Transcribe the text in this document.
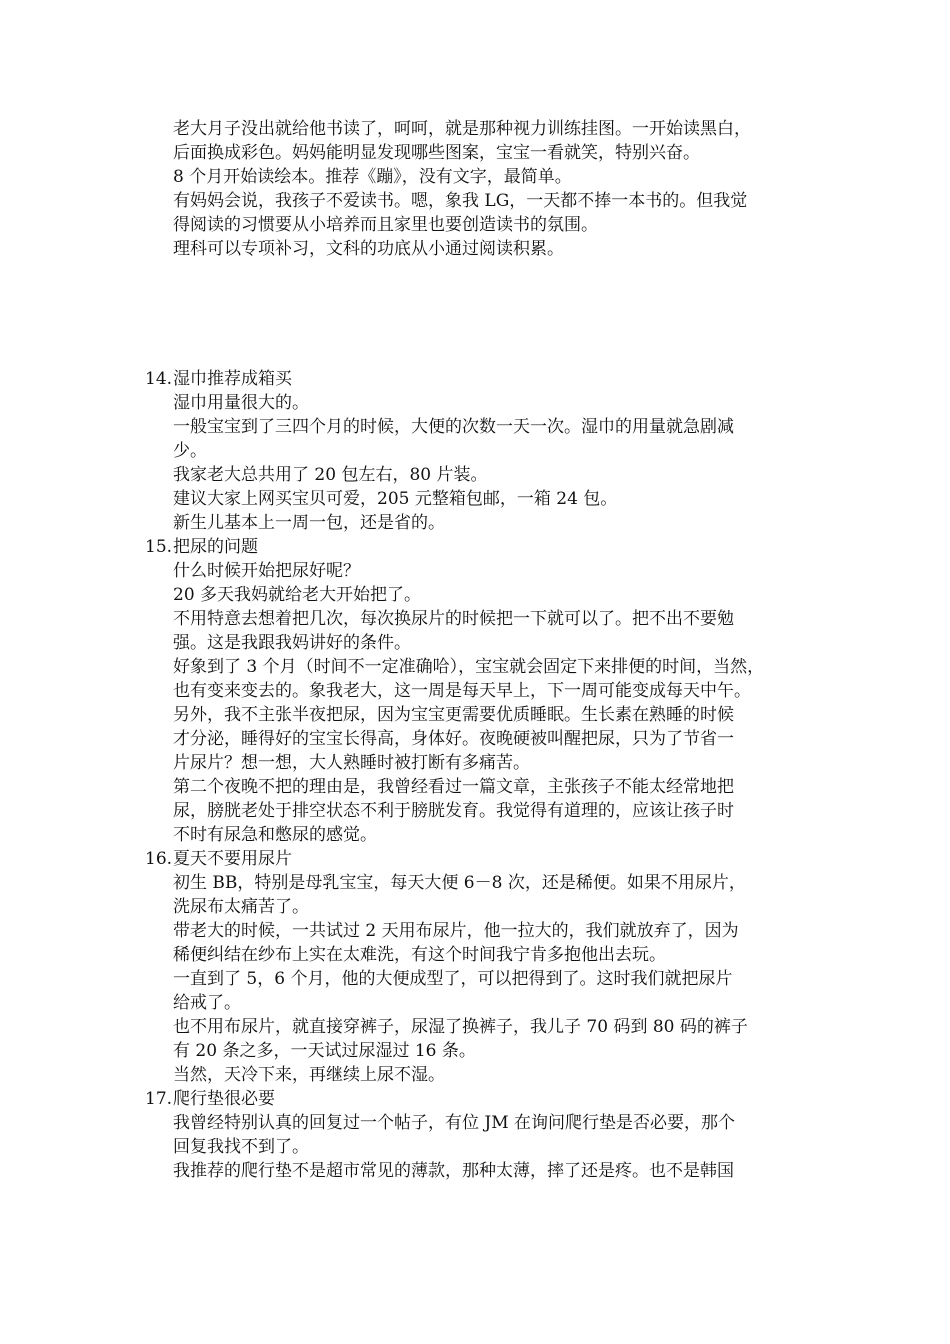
老大月子没出就给他书读了，呵呵，就是那种视力训练挂图。一开始读黑白，
后面换成彩色。妈妈能明显发现哪些图案，宝宝一看就笑，特别兴奋。
8 个月开始读绘本。推荐《蹦》，没有文字，最简单。
有妈妈会说，我孩子不爱读书。嗯，象我 LG，一天都不捧一本书的。但我觉
得阅读的习惯要从小培养而且家里也要创造读书的氛围。
理科可以专项补习，文科的功底从小通过阅读积累。
14. 湿巾推荐成箱买
湿巾用量很大的。
一般宝宝到了三四个月的时候，大便的次数一天一次。湿巾的用量就急剧减
少。
我家老大总共用了 20 包左右，80 片装。
建议大家上网买宝贝可爱，205 元整箱包邮，一箱 24 包。
新生儿基本上一周一包，还是省的。
15. 把尿的问题
什么时候开始把尿好呢？
20 多天我妈就给老大开始把了。
不用特意去想着把几次，每次换尿片的时候把一下就可以了。把不出不要勉
强。这是我跟我妈讲好的条件。
好象到了 3 个月（时间不一定准确哈），宝宝就会固定下来排便的时间，当然，
也有变来变去的。象我老大，这一周是每天早上，下一周可能变成每天中午。
另外，我不主张半夜把尿，因为宝宝更需要优质睡眠。生长素在熟睡的时候
才分泌，睡得好的宝宝长得高，身体好。夜晚硬被叫醒把尿，只为了节省一
片尿片？想一想，大人熟睡时被打断有多痛苦。
第二个夜晚不把的理由是，我曾经看过一篇文章，主张孩子不能太经常地把
尿，膀胱老处于排空状态不利于膀胱发育。我觉得有道理的，应该让孩子时
不时有尿急和憋尿的感觉。
16. 夏天不要用尿片
初生 BB，特别是母乳宝宝，每天大便 6－8 次，还是稀便。如果不用尿片，
洗尿布太痛苦了。
带老大的时候，一共试过 2 天用布尿片，他一拉大的，我们就放弃了，因为
稀便纠结在纱布上实在太难洗，有这个时间我宁肯多抱他出去玩。
一直到了 5，6 个月，他的大便成型了，可以把得到了。这时我们就把尿片
给戒了。
也不用布尿片，就直接穿裤子，尿湿了换裤子，我儿子 70 码到 80 码的裤子
有 20 条之多，一天试过尿湿过 16 条。
当然，天冷下来，再继续上尿不湿。
17. 爬行垫很必要
我曾经特别认真的回复过一个帖子，有位 JM 在询问爬行垫是否必要，那个
回复我找不到了。
我推荐的爬行垫不是超市常见的薄款，那种太薄，摔了还是疼。也不是韩国
